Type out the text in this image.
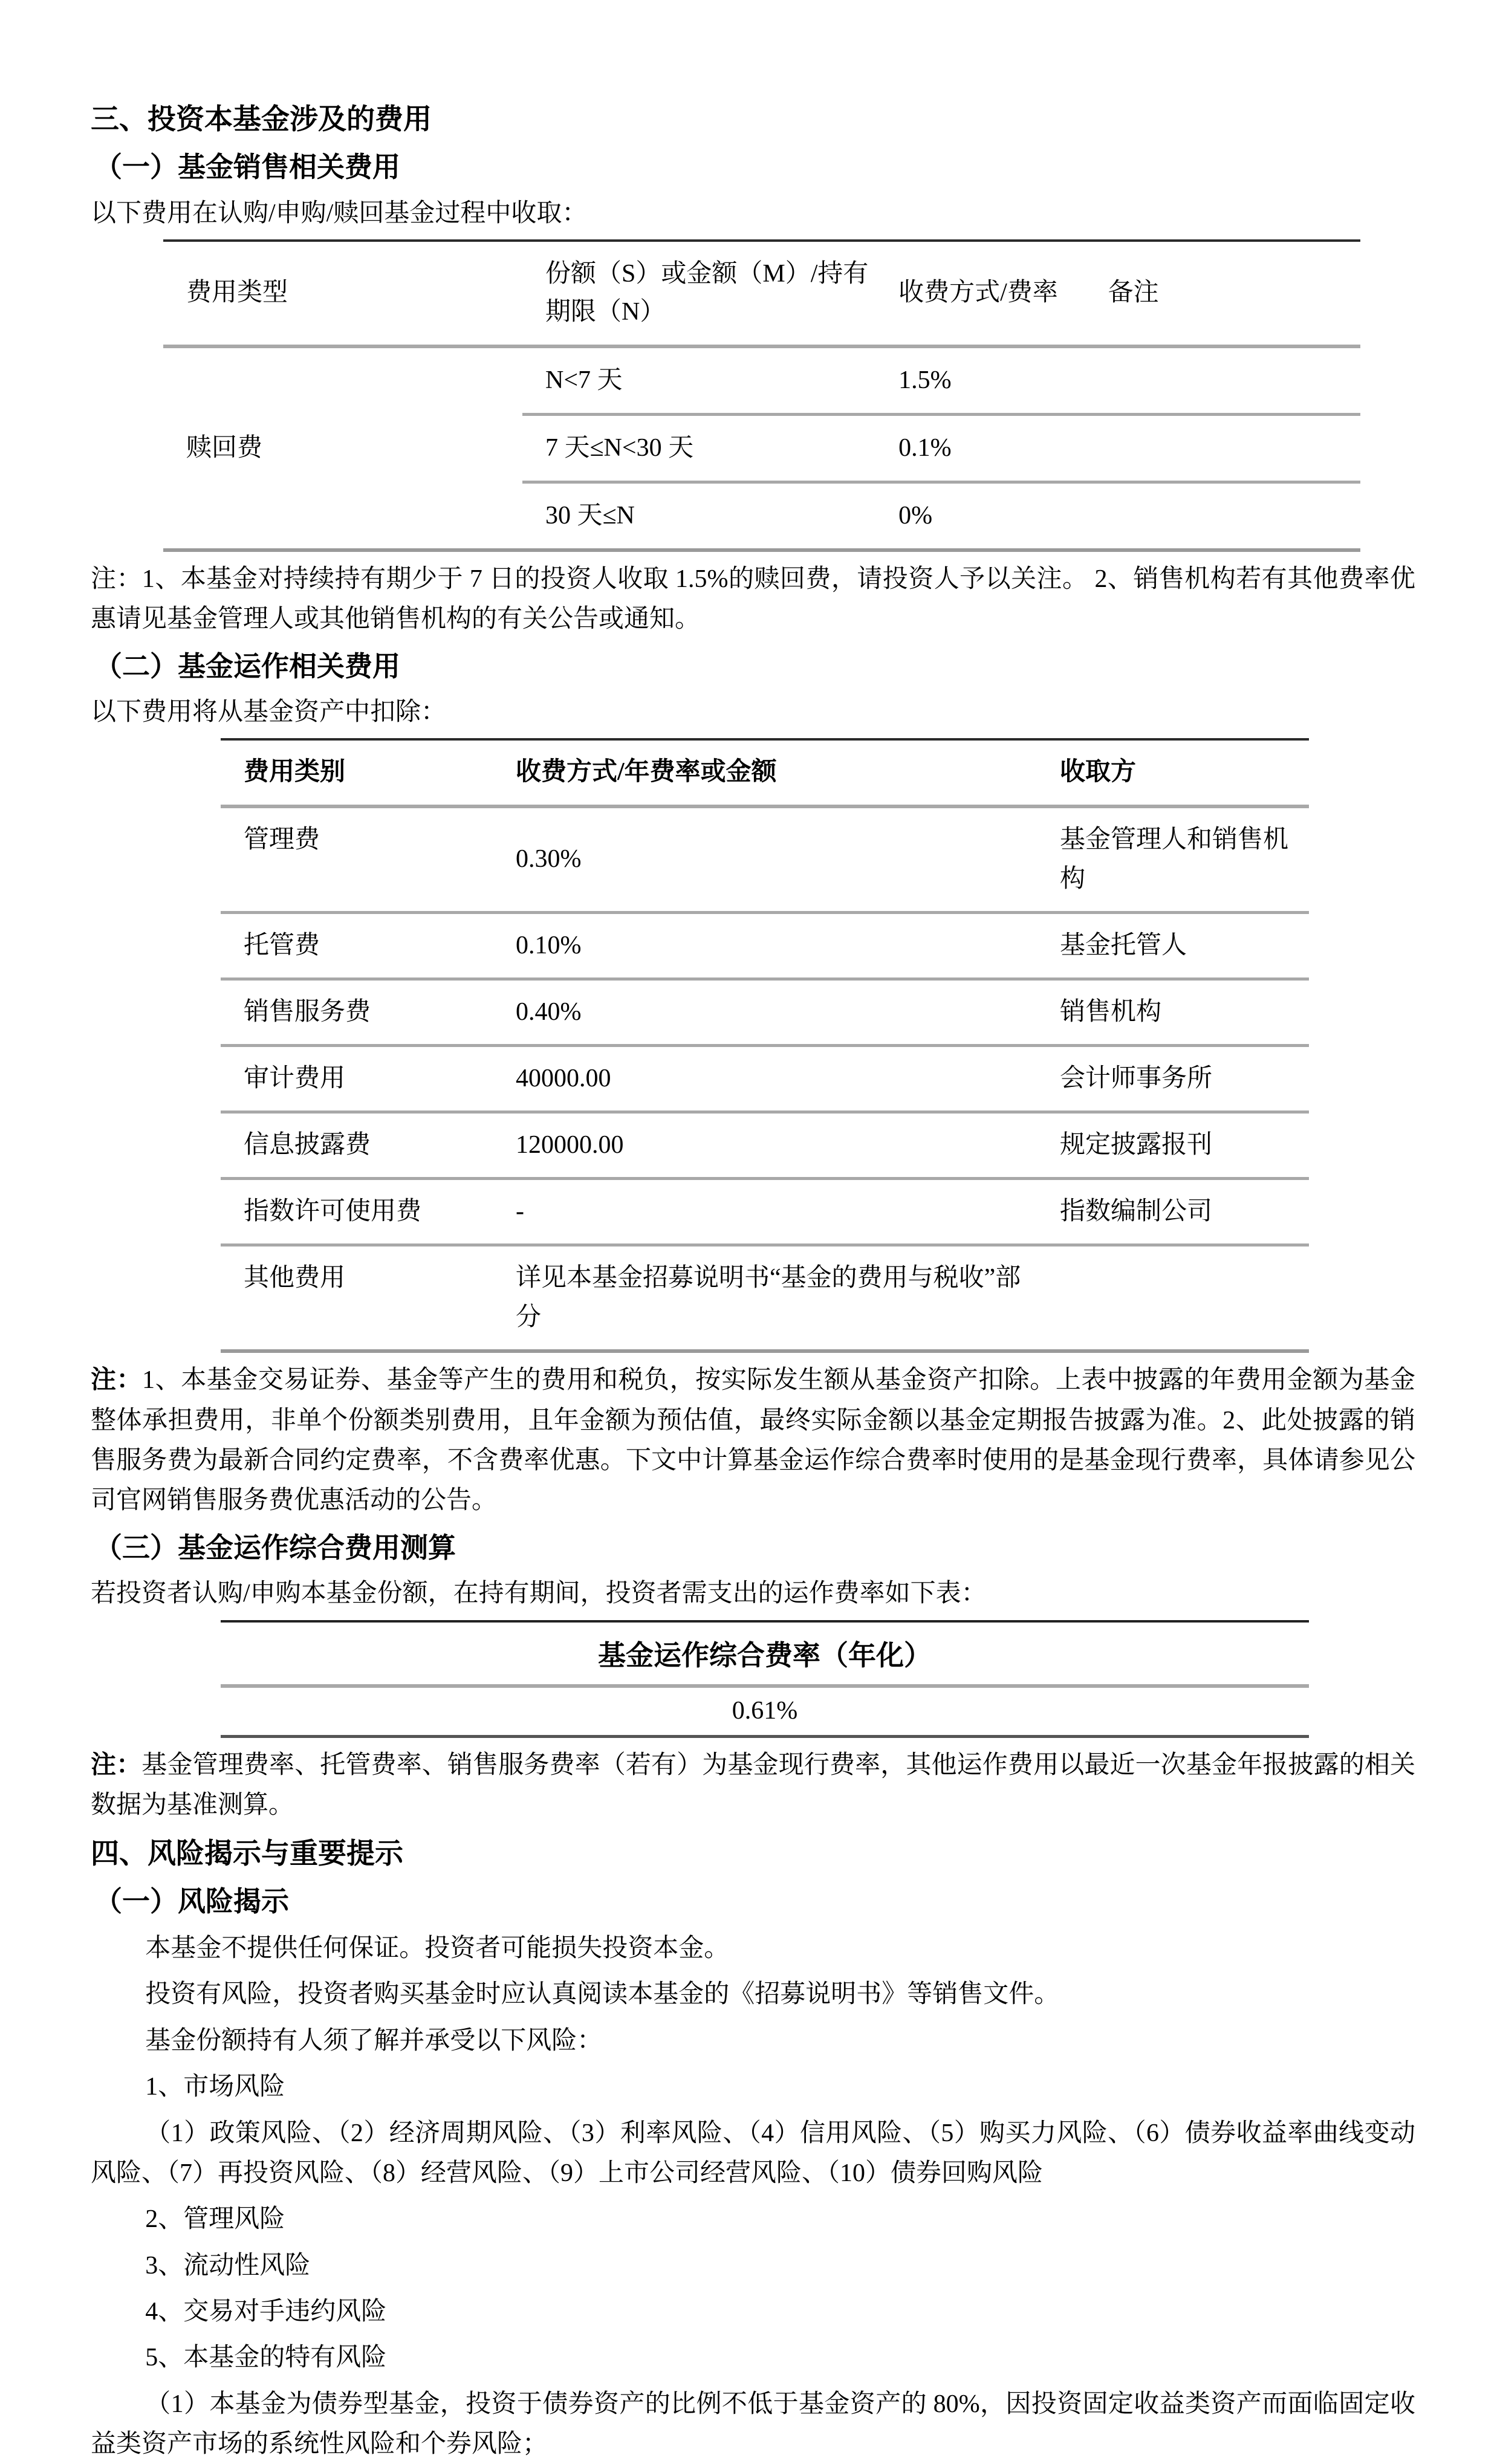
三、投资本基金涉及的费用
（一）基金销售相关费用

以下费用在认购/申购/赎回基金过程中收取：

费用类型	份额（S）或金额（M）/持有期限（N）	收费方式/费率	备注
赎回费	N<7 天	1.5%	
	7 天≤N<30 天	0.1%	
	30 天≤N	0%	

注：1、本基金对持续持有期少于 7 日的投资人收取 1.5%的赎回费，请投资人予以关注。 2、销售机构若有其他费率优惠请见基金管理人或其他销售机构的有关公告或通知。

（二）基金运作相关费用

以下费用将从基金资产中扣除：

费用类别	收费方式/年费率或金额	收取方
管理费	0.30%	基金管理人和销售机构
托管费	0.10%	基金托管人
销售服务费	0.40%	销售机构
审计费用	40000.00	会计师事务所
信息披露费	120000.00	规定披露报刊
指数许可使用费	-	指数编制公司
其他费用	详见本基金招募说明书“基金的费用与税收”部分	

注：1、本基金交易证券、基金等产生的费用和税负，按实际发生额从基金资产扣除。上表中披露的年费用金额为基金整体承担费用，非单个份额类别费用，且年金额为预估值，最终实际金额以基金定期报告披露为准。2、此处披露的销售服务费为最新合同约定费率，不含费率优惠。下文中计算基金运作综合费率时使用的是基金现行费率，具体请参见公司官网销售服务费优惠活动的公告。

（三）基金运作综合费用测算

若投资者认购/申购本基金份额，在持有期间，投资者需支出的运作费率如下表：

基金运作综合费率（年化）
0.61%

注：基金管理费率、托管费率、销售服务费率（若有）为基金现行费率，其他运作费用以最近一次基金年报披露的相关数据为基准测算。

四、风险揭示与重要提示
（一）风险揭示

本基金不提供任何保证。投资者可能损失投资本金。

投资有风险，投资者购买基金时应认真阅读本基金的《招募说明书》等销售文件。

基金份额持有人须了解并承受以下风险：

1、市场风险

（1）政策风险、（2）经济周期风险、（3）利率风险、（4）信用风险、（5）购买力风险、（6）债券收益率曲线变动风险、（7）再投资风险、（8）经营风险、（9）上市公司经营风险、（10）债券回购风险

2、管理风险

3、流动性风险

4、交易对手违约风险

5、本基金的特有风险

（1）本基金为债券型基金，投资于债券资产的比例不低于基金资产的 80%，因投资固定收益类资产而面临固定收益类资产市场的系统性风险和个券风险；
